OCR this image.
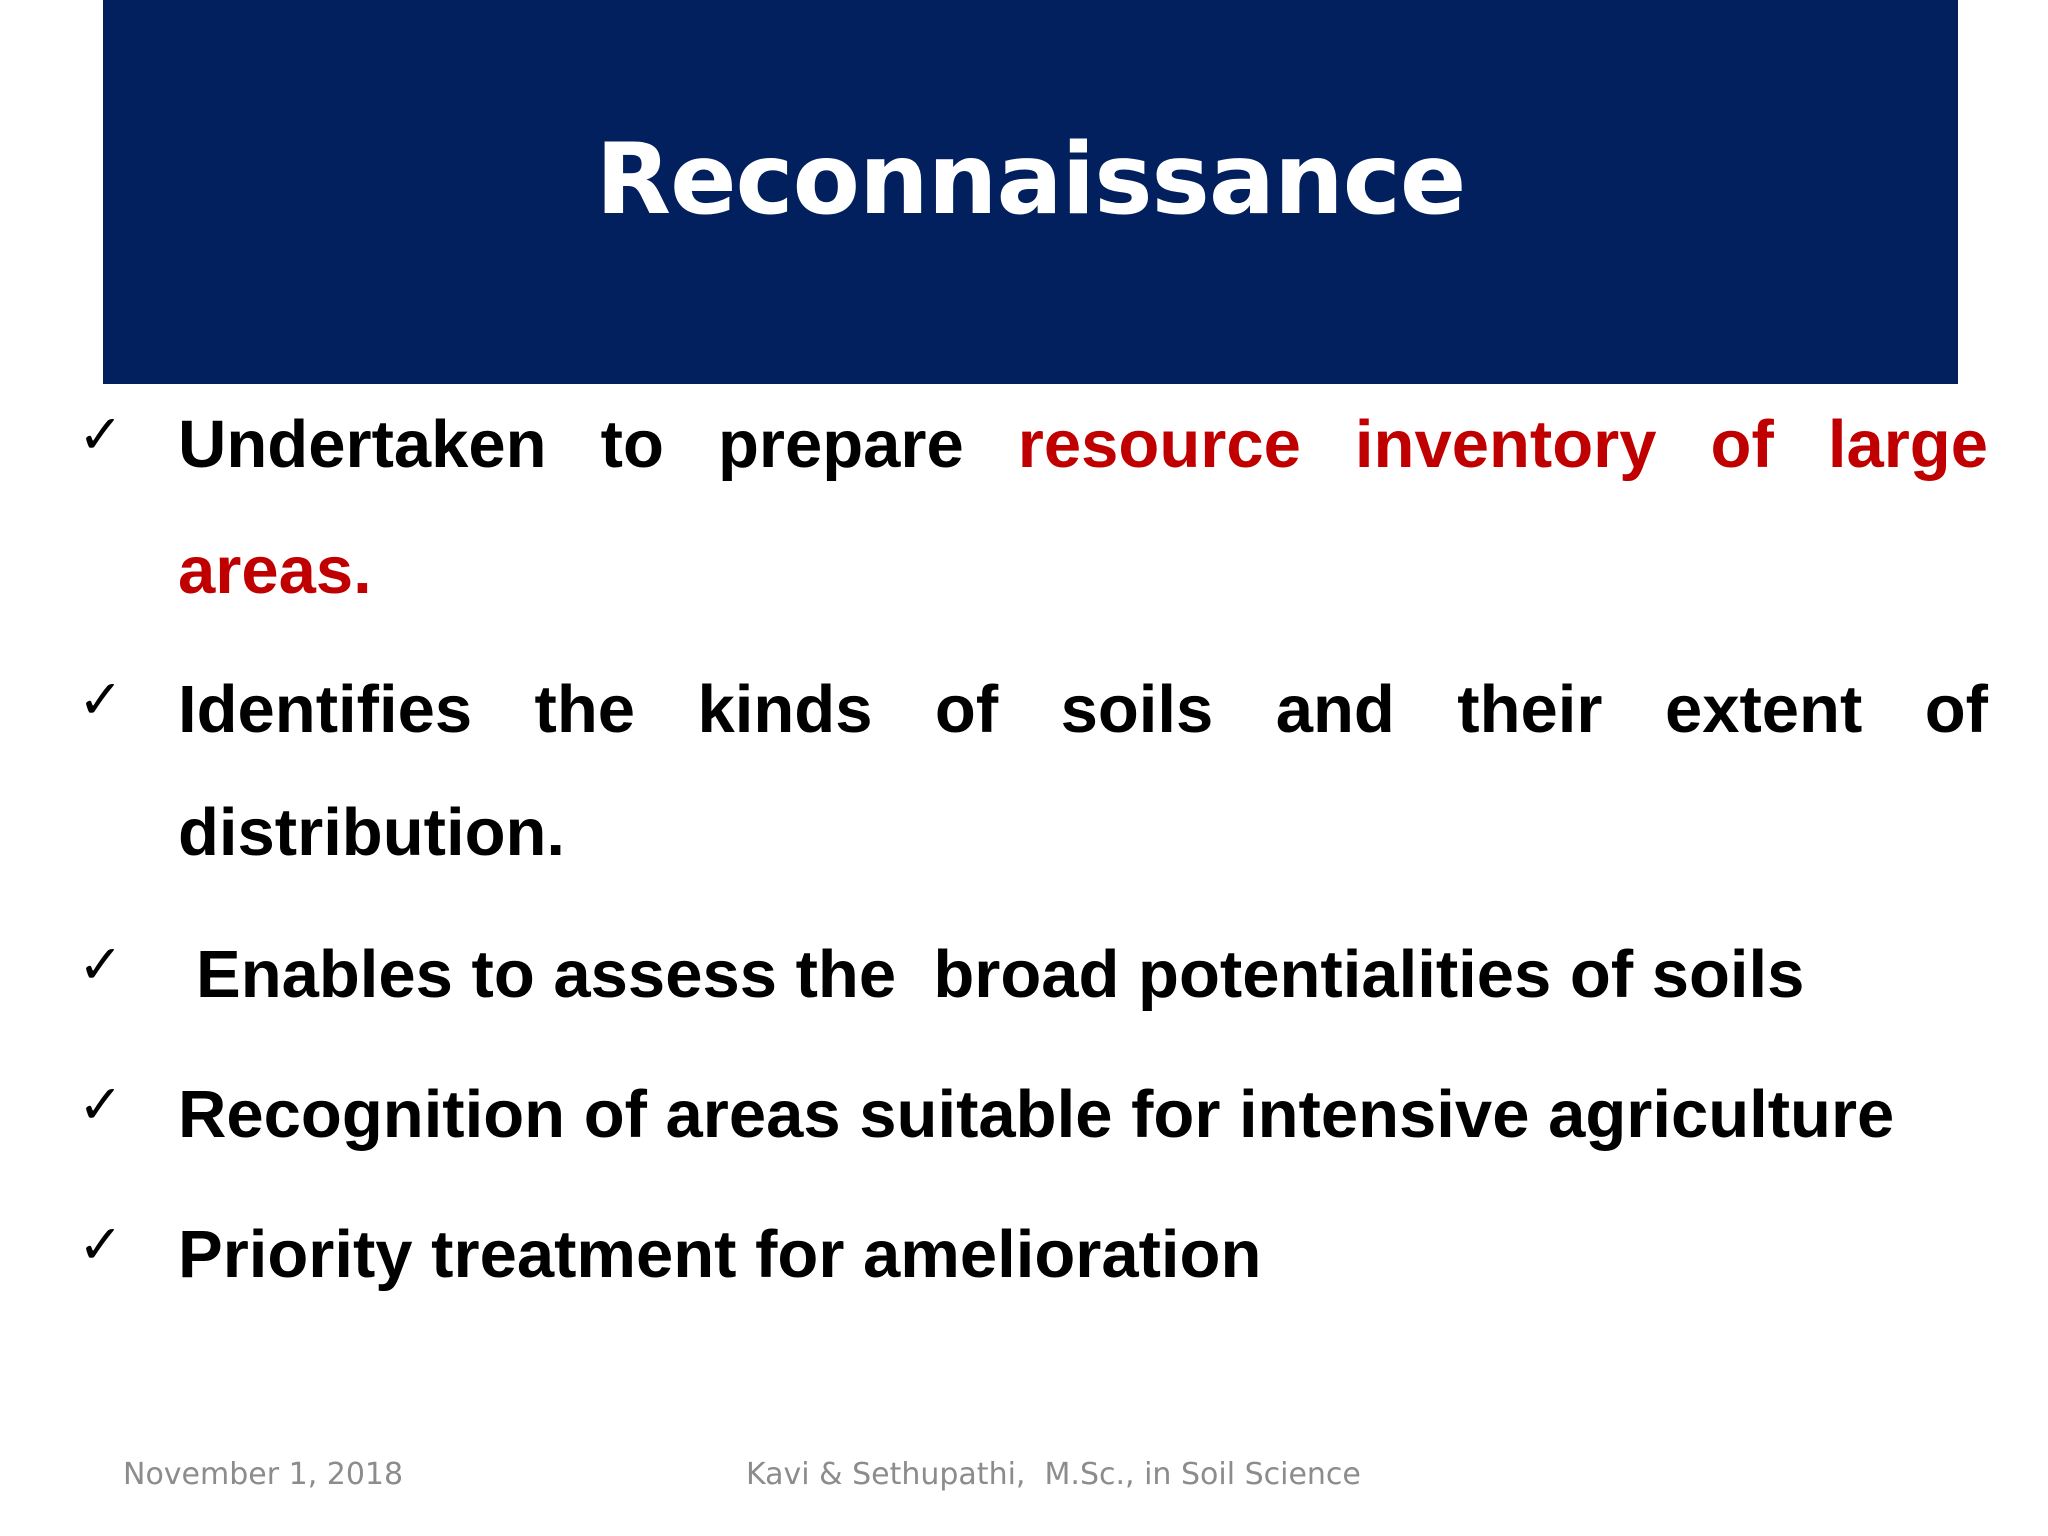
Reconnaissance
✓ Undertaken to prepare resource inventory of large
areas.
✓ Identifies the kinds of soils and their extent of
distribution.
✓ Enables to assess the  broad potentialities of soils
✓ Recognition of areas suitable for intensive agriculture
✓ Priority treatment for amelioration
November 1, 2018	Kavi & Sethupathi,  M.Sc., in Soil Science
